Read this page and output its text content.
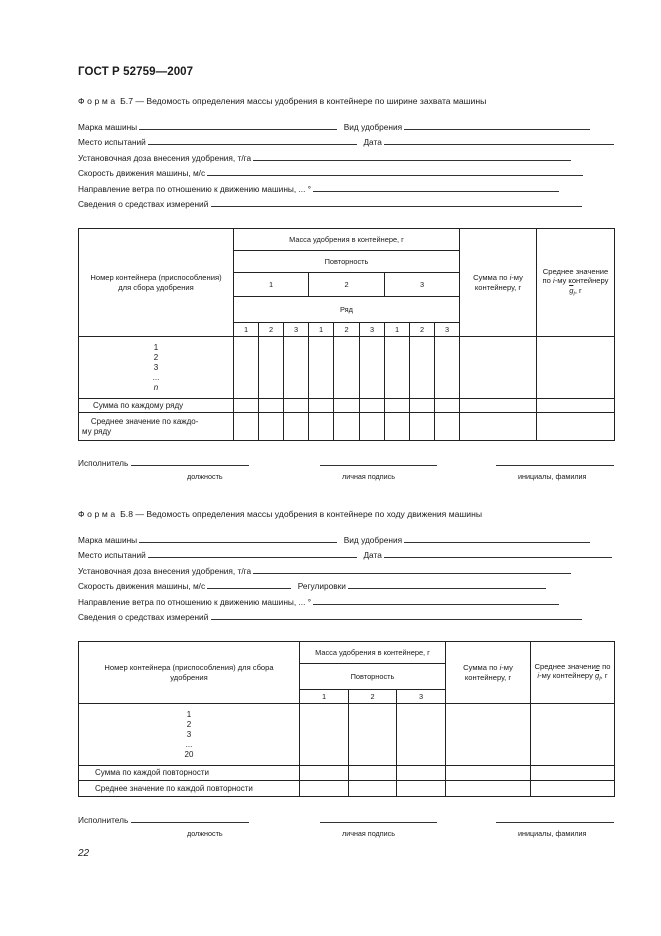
ГОСТ Р 52759—2007
Форма Б.7 — Ведомость определения массы удобрения в контейнере по ширине захвата машины
Марка машины	Вид удобрения
Место испытаний	Дата
Установочная доза внесения удобрения, т/га
Скорость движения машины, м/с
Направление ветра по отношению к движению машины, ... °
Сведения о средствах измерений
Номер контейнера (приспособления) для сбора удобрения	Масса удобрения в контейнере, г									Сумма по i-му контейнеру, г	Среднее значение по i-му контейнеру $\overline{g}_i$, г
	Повторность										
	1			2			3				
	Ряд										
	1	2	3	1	2	3	1	2	3		

1
2
3
...
n											

Сумма по каждому ряду											
Среднее значение по каждо-
му ряду											
Исполнитель
должность	личная подпись	инициалы, фамилия
Форма Б.8 — Ведомость определения массы удобрения в контейнере по ходу движения машины
Марка машины	Вид удобрения
Место испытаний	Дата
Установочная доза внесения удобрения, т/га
Скорость движения машины, м/с	Регулировки
Направление ветра по отношению к движению машины, ... °
Сведения о средствах измерений
Номер контейнера (приспособления) для сбора удобрения	Масса удобрения в контейнере, г			Сумма по i-му контейнеру, г	Среднее значение по i-му контейнеру $\overline{g}_i$, г
	Повторность				
	1	2	3		

1
2
3
...
20					

Сумма по каждой повторности					
Среднее значение по каждой повторности					
Исполнитель
должность	личная подпись	инициалы, фамилия
22
